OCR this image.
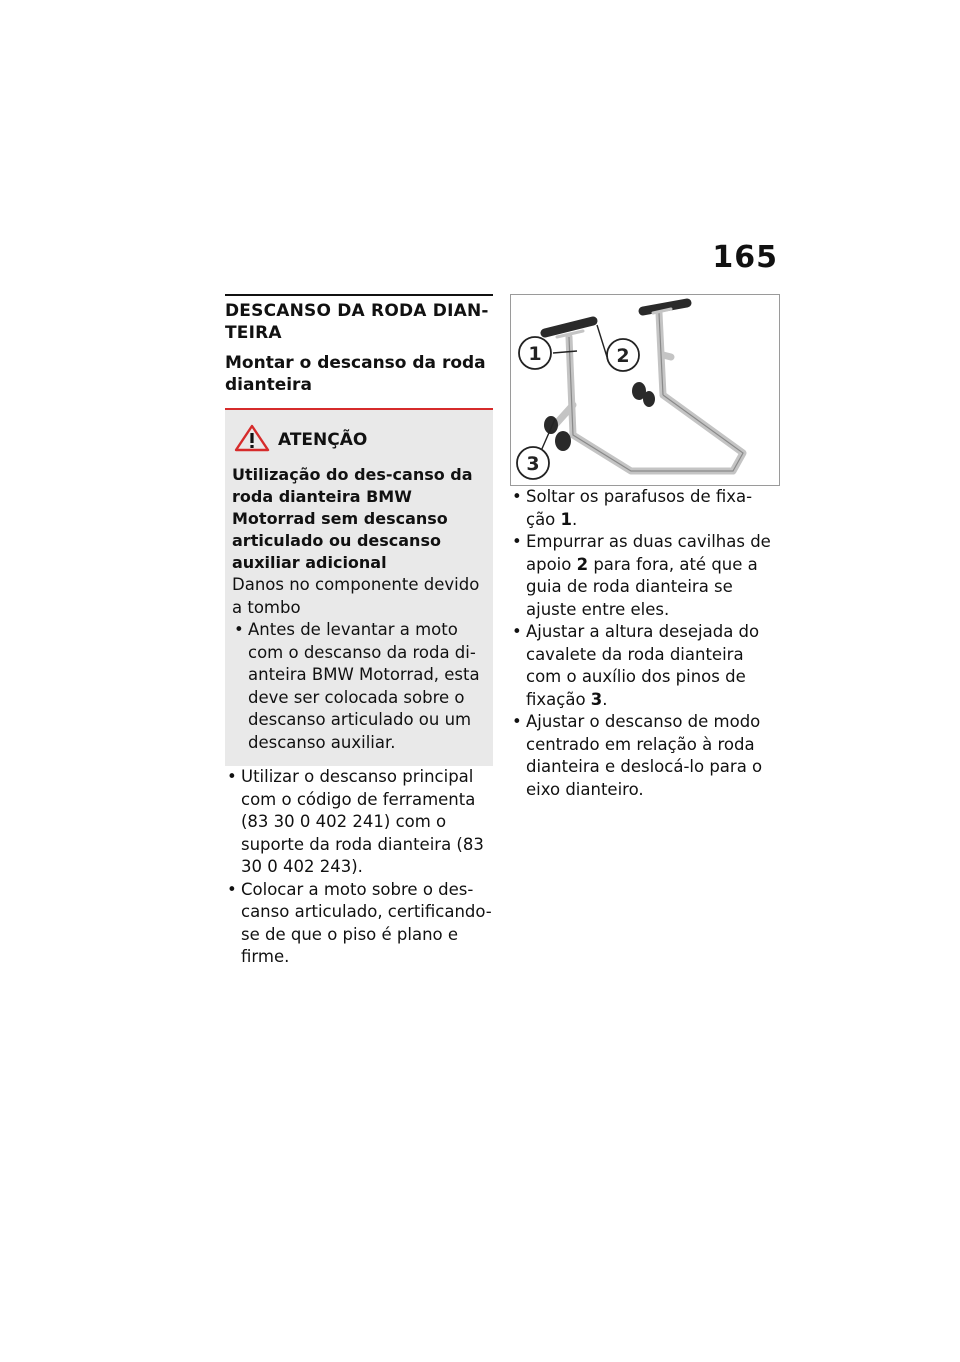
165
DESCANSO DA RODA DIAN-TEIRA
Montar o descanso da roda dianteira
ATENÇÃO
Utilização do des-canso da roda dianteira BMW Motorrad sem descanso articulado ou descanso auxiliar adicional
Danos no componente devido a tombo
• Antes de levantar a moto com o descanso da roda di-anteira BMW Motorrad, esta deve ser colocada sobre o descanso articulado ou um descanso auxiliar.
• Utilizar o descanso principal com o código de ferramenta (83 30 0 402 241) com o suporte da roda dianteira (83 30 0 402 243).
• Colocar a moto sobre o des-canso articulado, certificando-se de que o piso é plano e firme.
1	2
3
• Soltar os parafusos de fixa-ção 1.
• Empurrar as duas cavilhas de apoio 2 para fora, até que a guia de roda dianteira se ajuste entre eles.
• Ajustar a altura desejada do cavalete da roda dianteira com o auxílio dos pinos de fixação 3.
• Ajustar o descanso de modo centrado em relação à roda dianteira e deslocá-lo para o eixo dianteiro.
